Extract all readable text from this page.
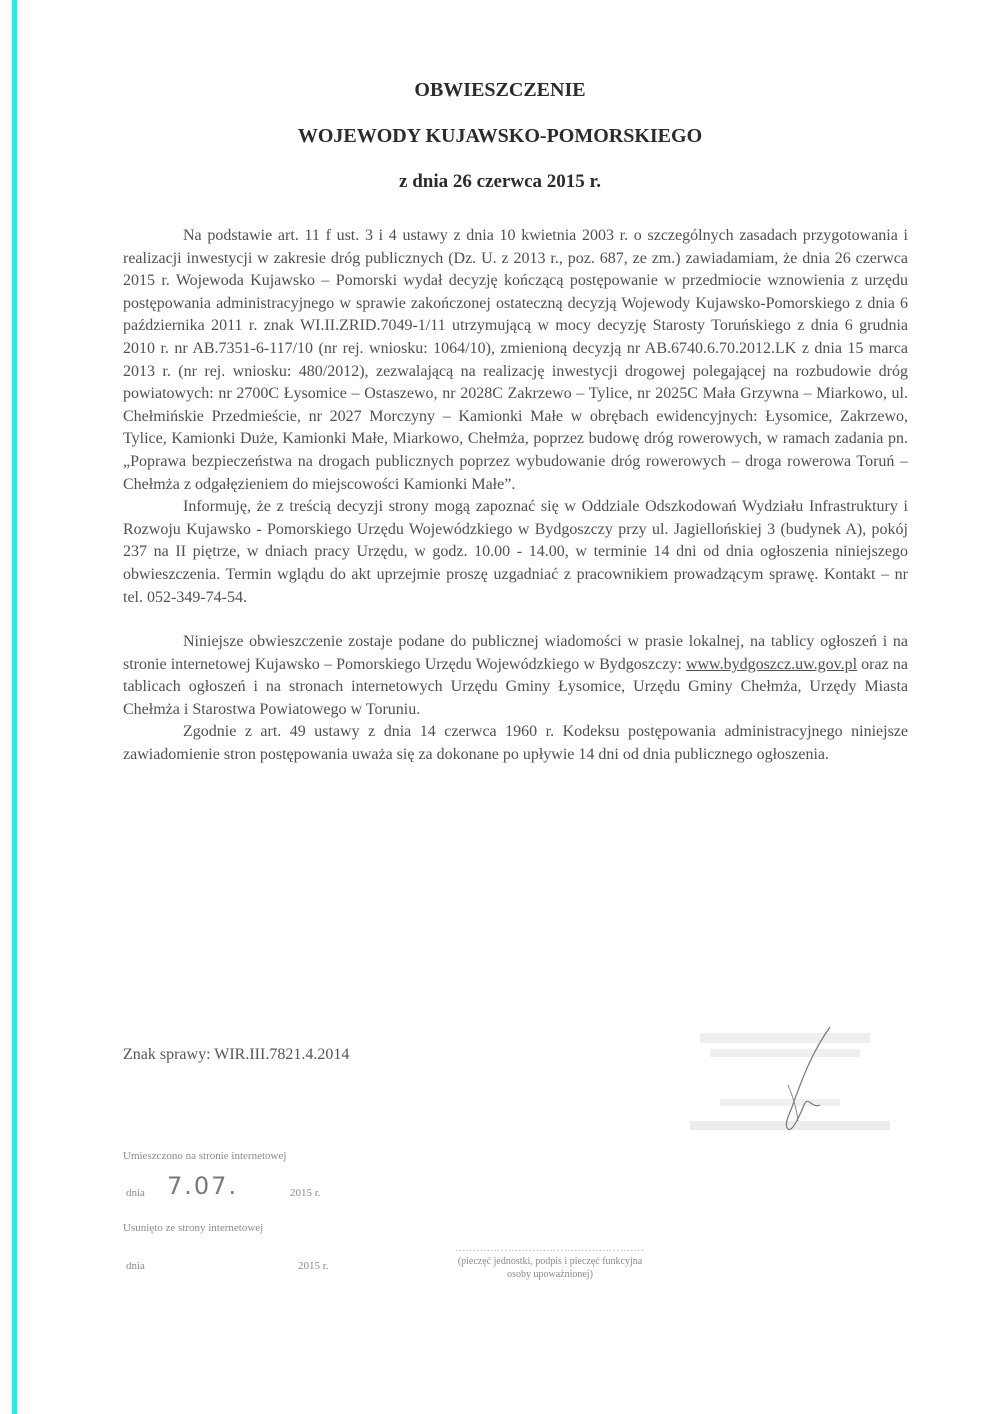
OBWIESZCZENIE
WOJEWODY KUJAWSKO-POMORSKIEGO
z dnia 26 czerwca 2015 r.

Na podstawie art. 11 f ust. 3 i 4 ustawy z dnia 10 kwietnia 2003 r. o szczególnych zasadach przygotowania i realizacji inwestycji w zakresie dróg publicznych (Dz. U. z 2013 r., poz. 687, ze zm.) zawiadamiam, że dnia 26 czerwca 2015 r. Wojewoda Kujawsko – Pomorski wydał decyzję kończącą postępowanie w przedmiocie wznowienia z urzędu postępowania administracyjnego w sprawie zakończonej ostateczną decyzją Wojewody Kujawsko-Pomorskiego z dnia 6 października 2011 r. znak WI.II.ZRID.7049-1/11 utrzymującą w mocy decyzję Starosty Toruńskiego z dnia 6 grudnia 2010 r. nr AB.7351-6-117/10 (nr rej. wniosku: 1064/10), zmienioną decyzją nr AB.6740.6.70.2012.LK z dnia 15 marca 2013 r. (nr rej. wniosku: 480/2012), zezwalającą na realizację inwestycji drogowej polegającej na rozbudowie dróg powiatowych: nr 2700C Łysomice – Ostaszewo, nr 2028C Zakrzewo – Tylice, nr 2025C Mała Grzywna – Miarkowo, ul. Chełmińskie Przedmieście, nr 2027 Morczyny – Kamionki Małe w obrębach ewidencyjnych: Łysomice, Zakrzewo, Tylice, Kamionki Duże, Kamionki Małe, Miarkowo, Chełmża, poprzez budowę dróg rowerowych, w ramach zadania pn. „Poprawa bezpieczeństwa na drogach publicznych poprzez wybudowanie dróg rowerowych – droga rowerowa Toruń – Chełmża z odgałęzieniem do miejscowości Kamionki Małe”.

Informuję, że z treścią decyzji strony mogą zapoznać się w Oddziale Odszkodowań Wydziału Infrastruktury i Rozwoju Kujawsko - Pomorskiego Urzędu Wojewódzkiego w Bydgoszczy przy ul. Jagiellońskiej 3 (budynek A), pokój 237 na II piętrze, w dniach pracy Urzędu, w godz. 10.00 - 14.00, w terminie 14 dni od dnia ogłoszenia niniejszego obwieszczenia. Termin wglądu do akt uprzejmie proszę uzgadniać z pracownikiem prowadzącym sprawę. Kontakt – nr tel. 052-349-74-54.

Niniejsze obwieszczenie zostaje podane do publicznej wiadomości w prasie lokalnej, na tablicy ogłoszeń i na stronie internetowej Kujawsko – Pomorskiego Urzędu Wojewódzkiego w Bydgoszczy: www.bydgoszcz.uw.gov.pl oraz na tablicach ogłoszeń i na stronach internetowych Urzędu Gminy Łysomice, Urzędu Gminy Chełmża, Urzędy Miasta Chełmża i Starostwa Powiatowego w Toruniu.

Zgodnie z art. 49 ustawy z dnia 14 czerwca 1960 r. Kodeksu postępowania administracyjnego niniejsze zawiadomienie stron postępowania uważa się za dokonane po upływie 14 dni od dnia publicznego ogłoszenia.

Znak sprawy: WIR.III.7821.4.2014
Umieszczono na stronie internetowej
dnia 7.07.	2015 r.
Usunięto ze strony internetowej
dnia	2015 r.
......................................................
(pieczęć jednostki, podpis i pieczęć funkcyjna
osoby upoważnionej)
